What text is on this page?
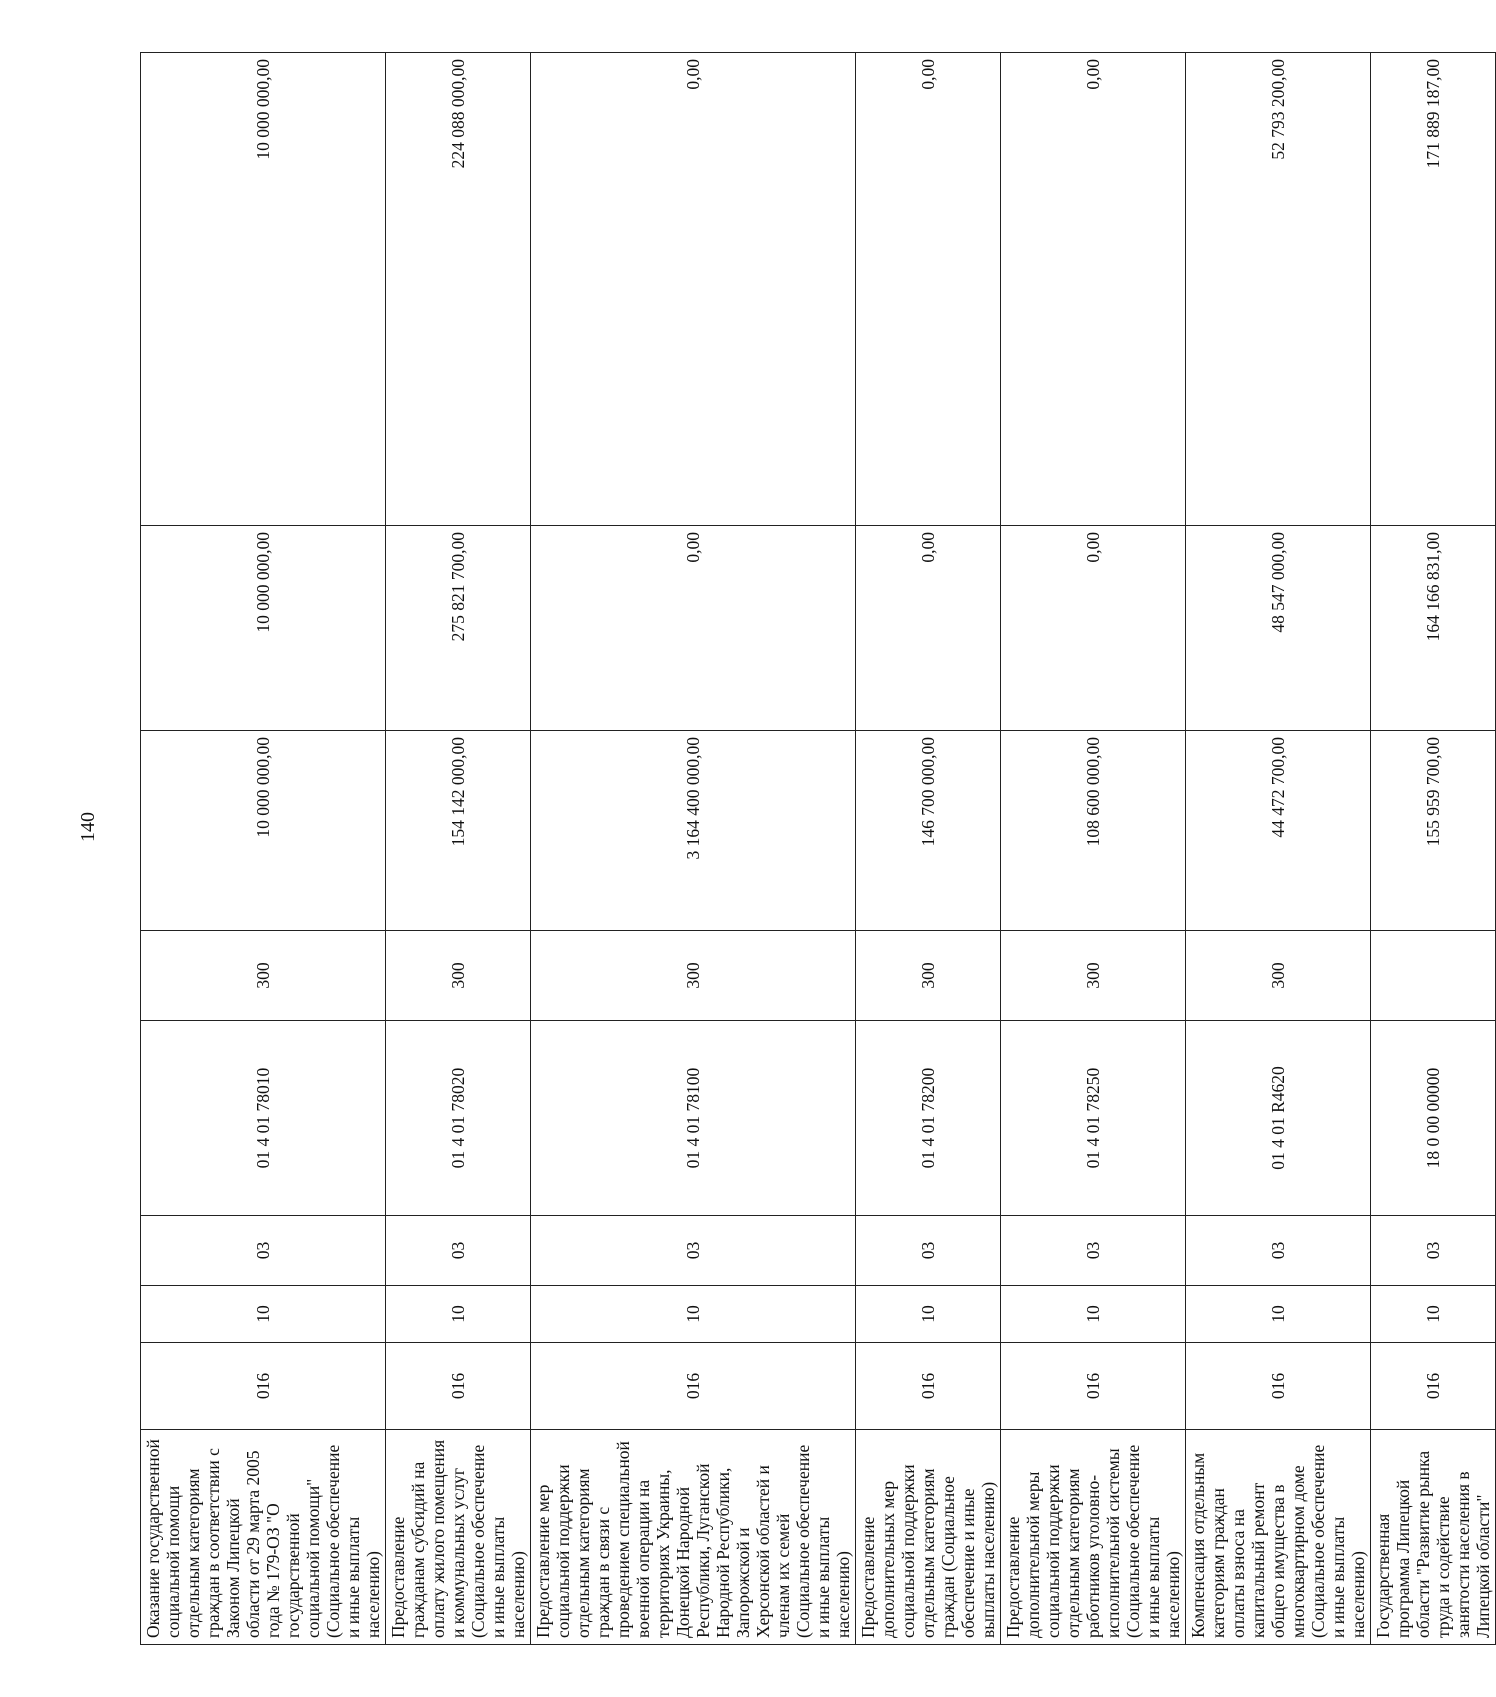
140
Оказание государственной социальной помощи отдельным категориям граждан в соответствии с Законом Липецкой области от 29 марта 2005 года № 179-ОЗ "О государственной социальной помощи" (Социальное обеспечение и иные выплаты населению)	016	10	03	01 4 01 78010	300	10 000 000,00	10 000 000,00	10 000 000,00
Предоставление гражданам субсидий на оплату жилого помещения и коммунальных услуг (Социальное обеспечение и иные выплаты населению)	016	10	03	01 4 01 78020	300	154 142 000,00	275 821 700,00	224 088 000,00
Предоставление мер социальной поддержки отдельным категориям граждан в связи с проведением специальной военной операции на территориях Украины, Донецкой Народной Республики, Луганской Народной Республики, Запорожской и Херсонской областей и членам их семей (Социальное обеспечение и иные выплаты населению)	016	10	03	01 4 01 78100	300	3 164 400 000,00	0,00	0,00
Предоставление дополнительных мер социальной поддержки отдельным категориям граждан (Социальное обеспечение и иные выплаты населению)	016	10	03	01 4 01 78200	300	146 700 000,00	0,00	0,00
Предоставление дополнительной меры социальной поддержки отдельным категориям работников уголовно-исполнительной системы (Социальное обеспечение и иные выплаты населению)	016	10	03	01 4 01 78250	300	108 600 000,00	0,00	0,00
Компенсация отдельным категориям граждан оплаты взноса на капитальный ремонт общего имущества в многоквартирном доме (Социальное обеспечение и иные выплаты населению)	016	10	03	01 4 01 R4620	300	44 472 700,00	48 547 000,00	52 793 200,00
Государственная программа Липецкой области "Развитие рынка труда и содействие занятости населения в Липецкой области"	016	10	03	18 0 00 00000		155 959 700,00	164 166 831,00	171 889 187,00
